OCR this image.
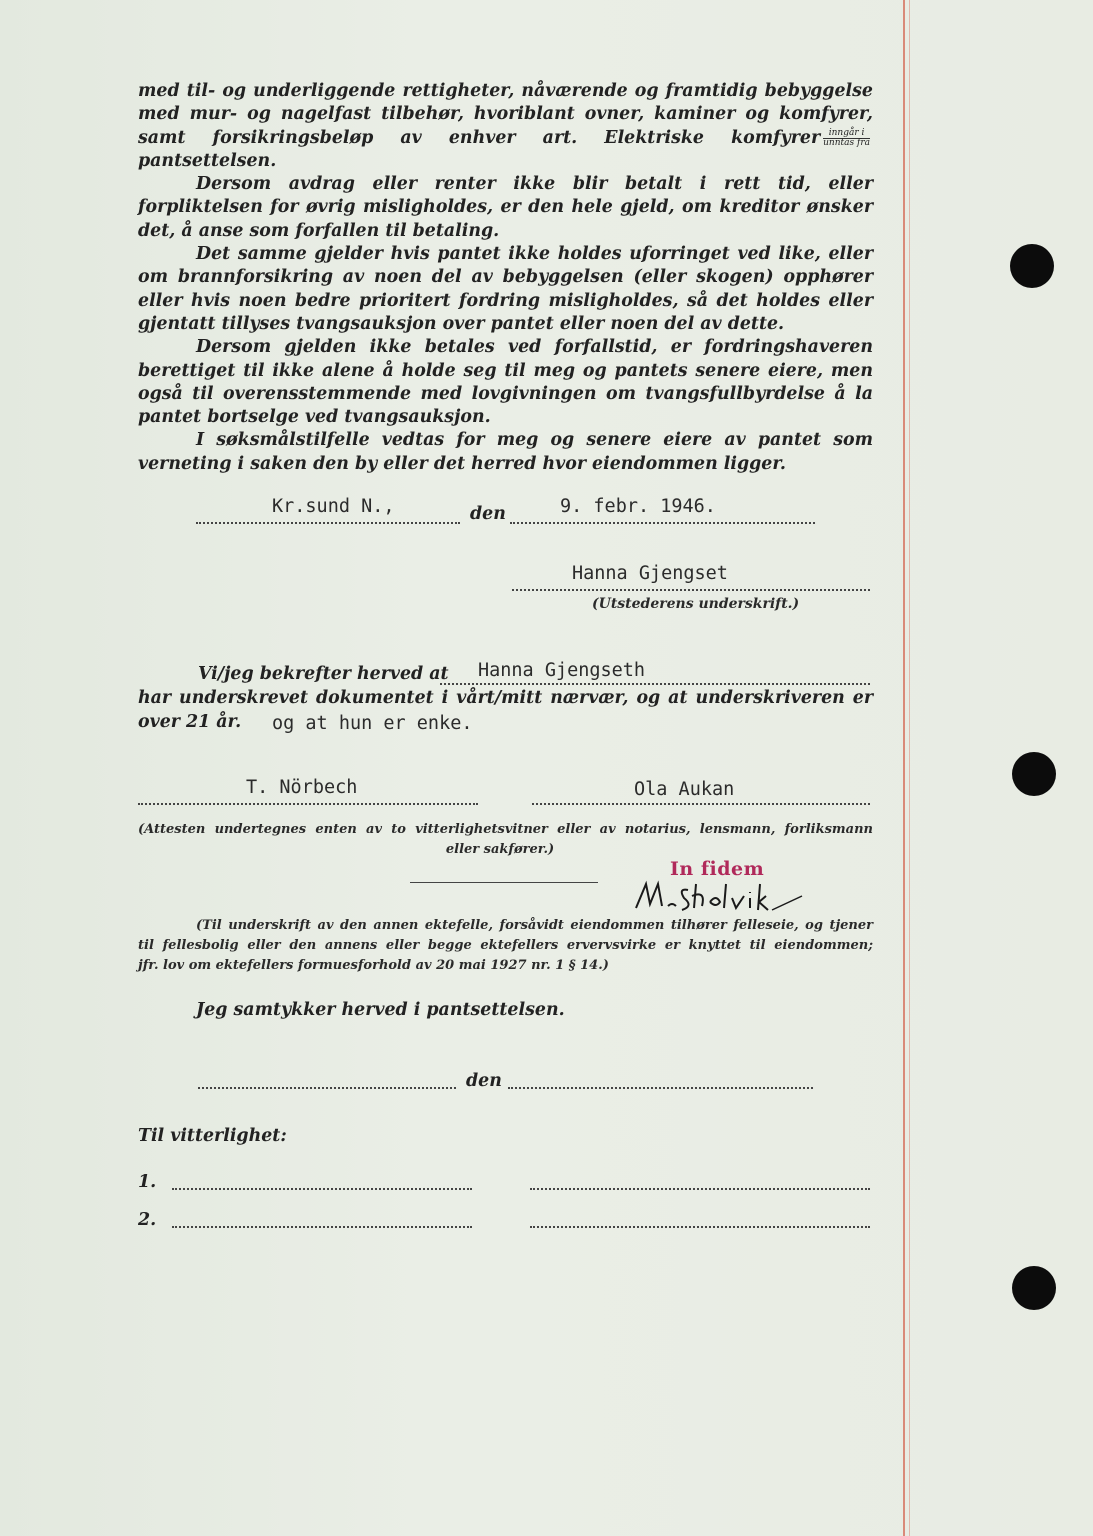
med til- og underliggende rettigheter, nåværende og framtidig bebyggelse med mur- og nagelfast tilbehør, hvoriblant ovner, kaminer og komfyrer, samt forsikringsbeløp av enhver art. Elektriske komfyrer $\frac{\text{inngår i}}{\text{unntas fra}}$
pantsettelsen.

Dersom avdrag eller renter ikke blir betalt i rett tid, eller forpliktelsen for øvrig misligholdes, er den hele gjeld, om kreditor ønsker det, å anse som forfallen til betaling.

Det samme gjelder hvis pantet ikke holdes uforringet ved like, eller om brannforsikring av noen del av bebyggelsen (eller skogen) opphører eller hvis noen bedre prioritert fordring misligholdes, så det holdes eller gjentatt tillyses tvangsauksjon over pantet eller noen del av dette.

Dersom gjelden ikke betales ved forfallstid, er fordringshaveren berettiget til ikke alene å holde seg til meg og pantets senere eiere, men også til overensstemmende med lovgivningen om tvangsfullbyrdelse å la pantet bortselge ved tvangsauksjon.

I søksmålstilfelle vedtas for meg og senere eiere av pantet som verneting i saken den by eller det herred hvor eiendommen ligger.

Kr.sund N.,	den	9. febr. 1946.
Hanna Gjengset
(Utstederens underskrift.)
Vi/jeg bekrefter herved at Hanna Gjengseth
har underskrevet dokumentet i vårt/mitt nærvær, og at underskriveren er
over 21 år. og at hun er enke.
T. Nörbech	Ola Aukan
(Attesten undertegnes enten av to vitterlighetsvitner eller av notarius, lensmann, forliksmann
eller sakfører.)
In fidem
(Til underskrift av den annen ektefelle, forsåvidt eiendommen tilhører felleseie, og tjener
til fellesbolig eller den annens eller begge ektefellers ervervsvirke er knyttet til eiendommen;
jfr. lov om ektefellers formuesforhold av 20 mai 1927 nr. 1 § 14.)
Jeg samtykker herved i pantsettelsen.
den
Til vitterlighet:
1.
2.
